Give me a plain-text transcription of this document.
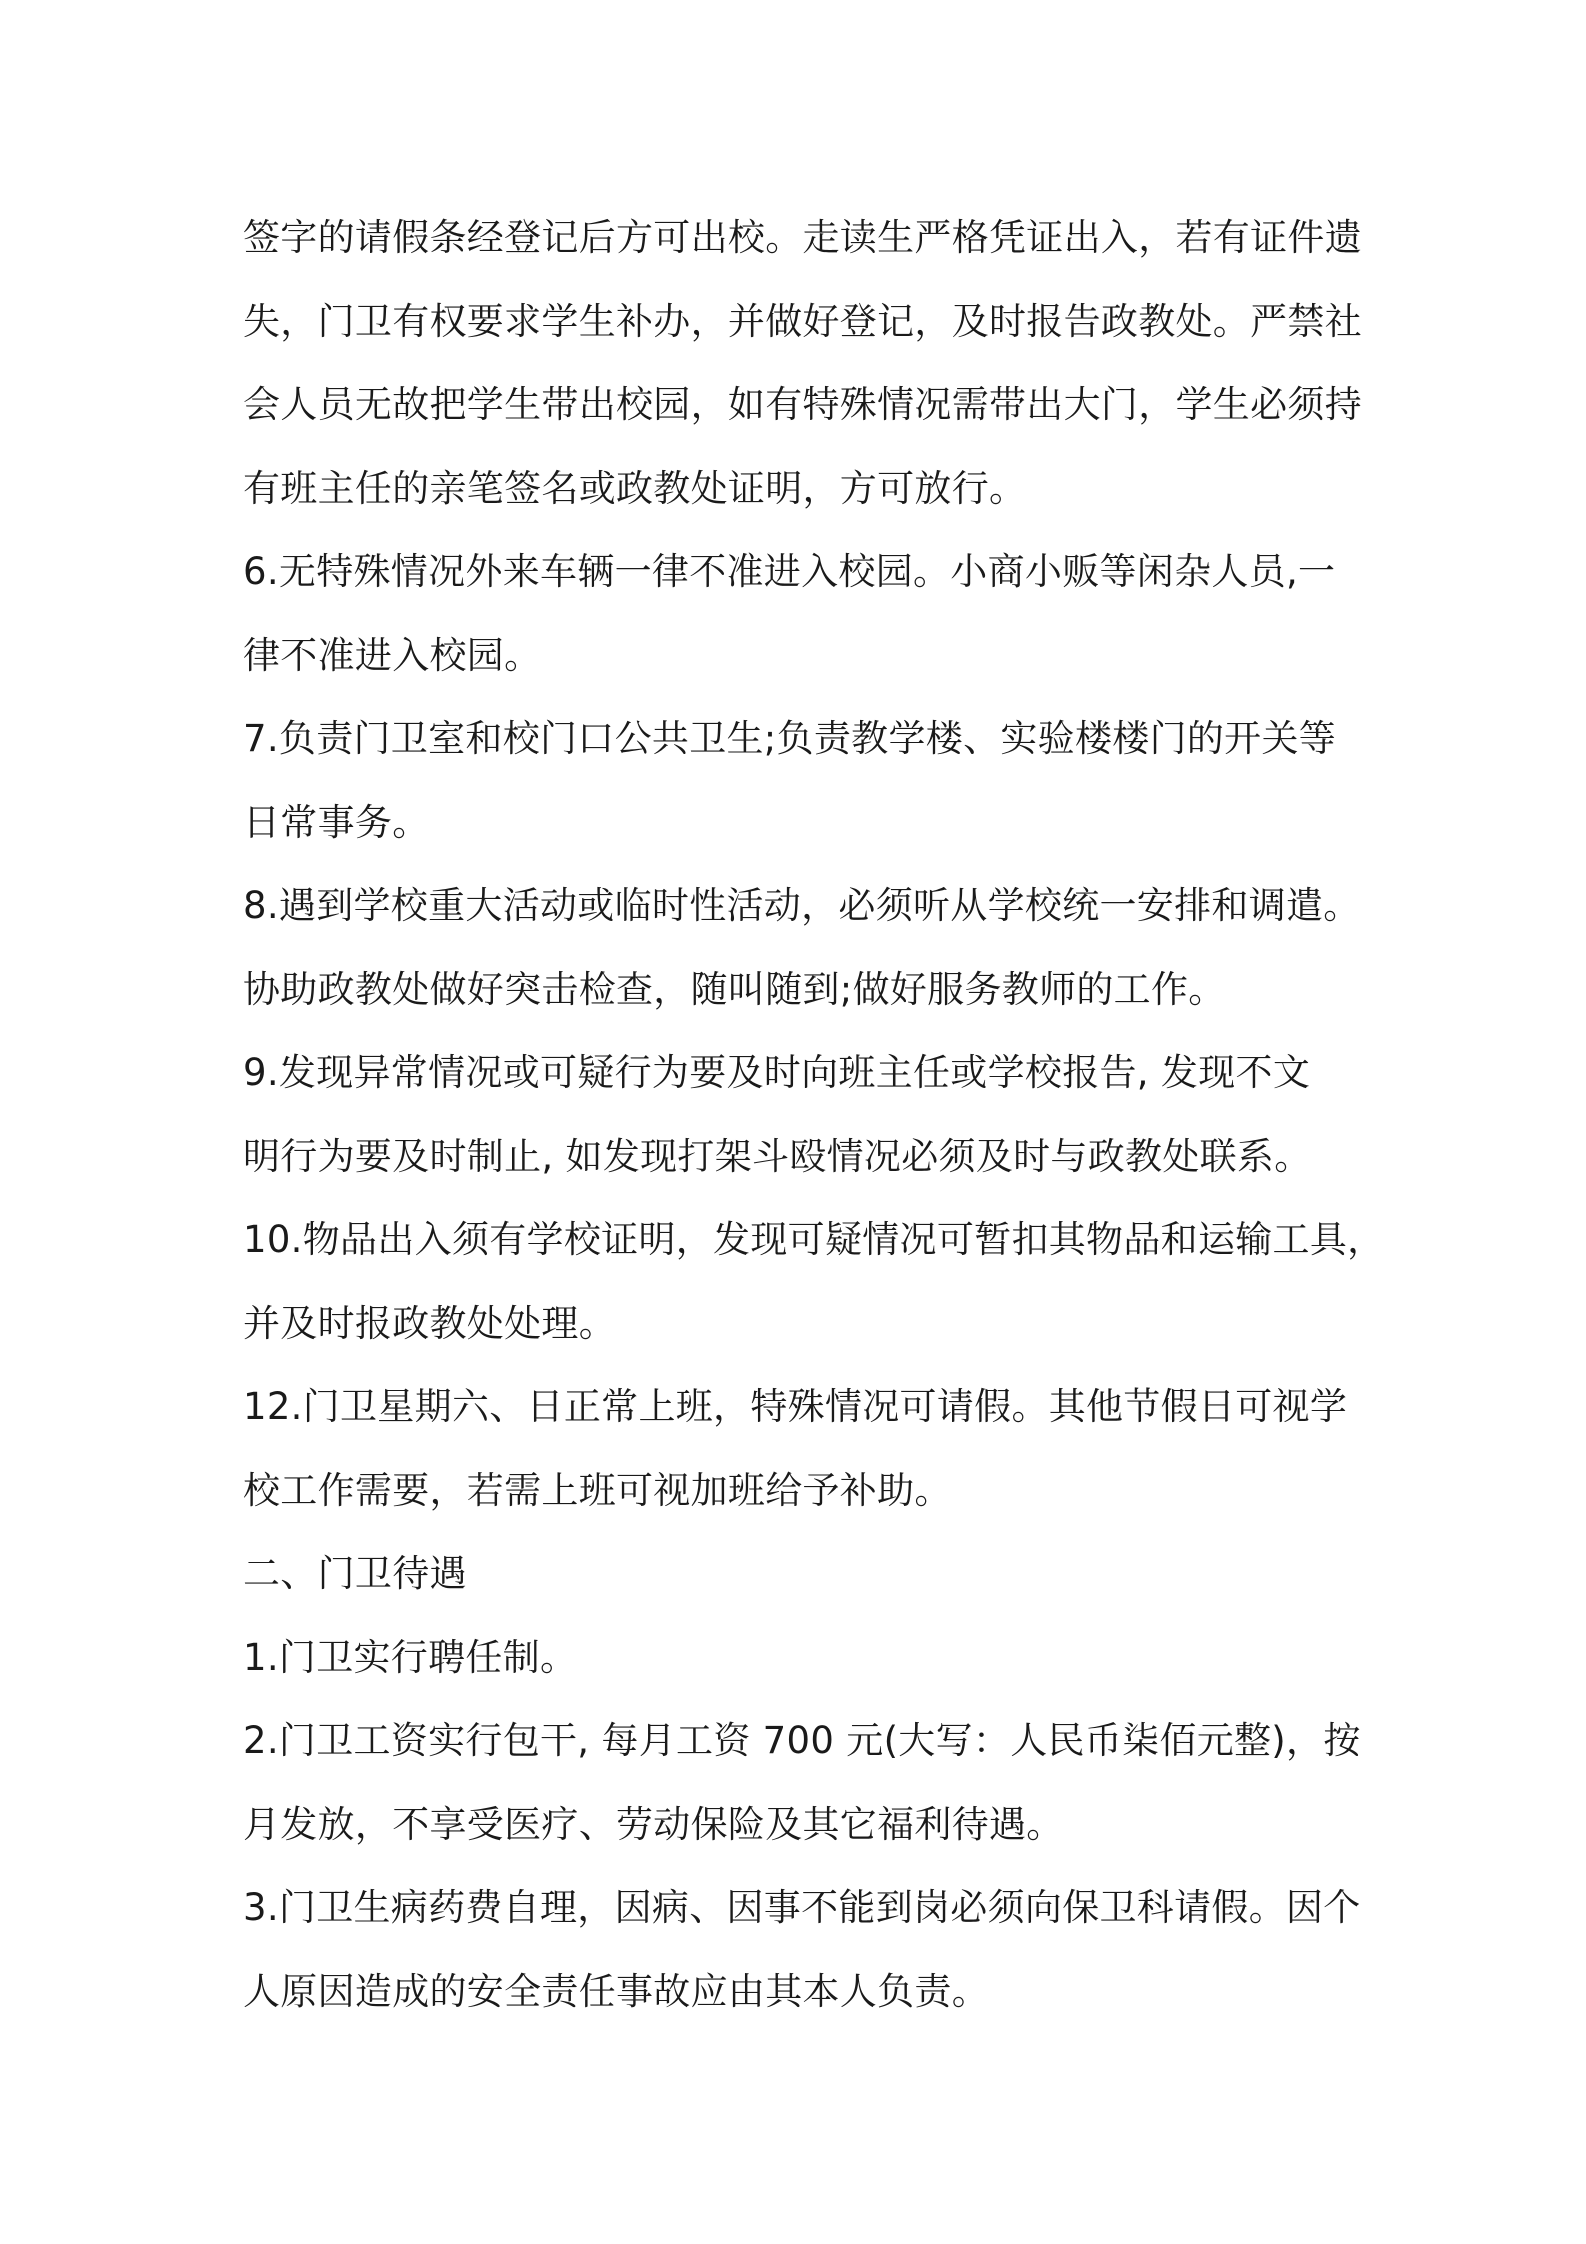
签字的请假条经登记后方可出校。走读生严格凭证出入，若有证件遗
失，门卫有权要求学生补办，并做好登记，及时报告政教处。严禁社
会人员无故把学生带出校园，如有特殊情况需带出大门，学生必须持
有班主任的亲笔签名或政教处证明，方可放行。
6.无特殊情况外来车辆一律不准进入校园。小商小贩等闲杂人员,一
律不准进入校园。
7.负责门卫室和校门口公共卫生;负责教学楼、实验楼楼门的开关等
日常事务。
8.遇到学校重大活动或临时性活动，必须听从学校统一安排和调遣。
协助政教处做好突击检查，随叫随到;做好服务教师的工作。
9.发现异常情况或可疑行为要及时向班主任或学校报告, 发现不文
明行为要及时制止, 如发现打架斗殴情况必须及时与政教处联系。
10.物品出入须有学校证明，发现可疑情况可暂扣其物品和运输工具，
并及时报政教处处理。
12.门卫星期六、日正常上班，特殊情况可请假。其他节假日可视学
校工作需要，若需上班可视加班给予补助。
二、门卫待遇
1.门卫实行聘任制。
2.门卫工资实行包干, 每月工资 700 元(大写：人民币柒佰元整)，按
月发放，不享受医疗、劳动保险及其它福利待遇。
3.门卫生病药费自理，因病、因事不能到岗必须向保卫科请假。因个
人原因造成的安全责任事故应由其本人负责。
